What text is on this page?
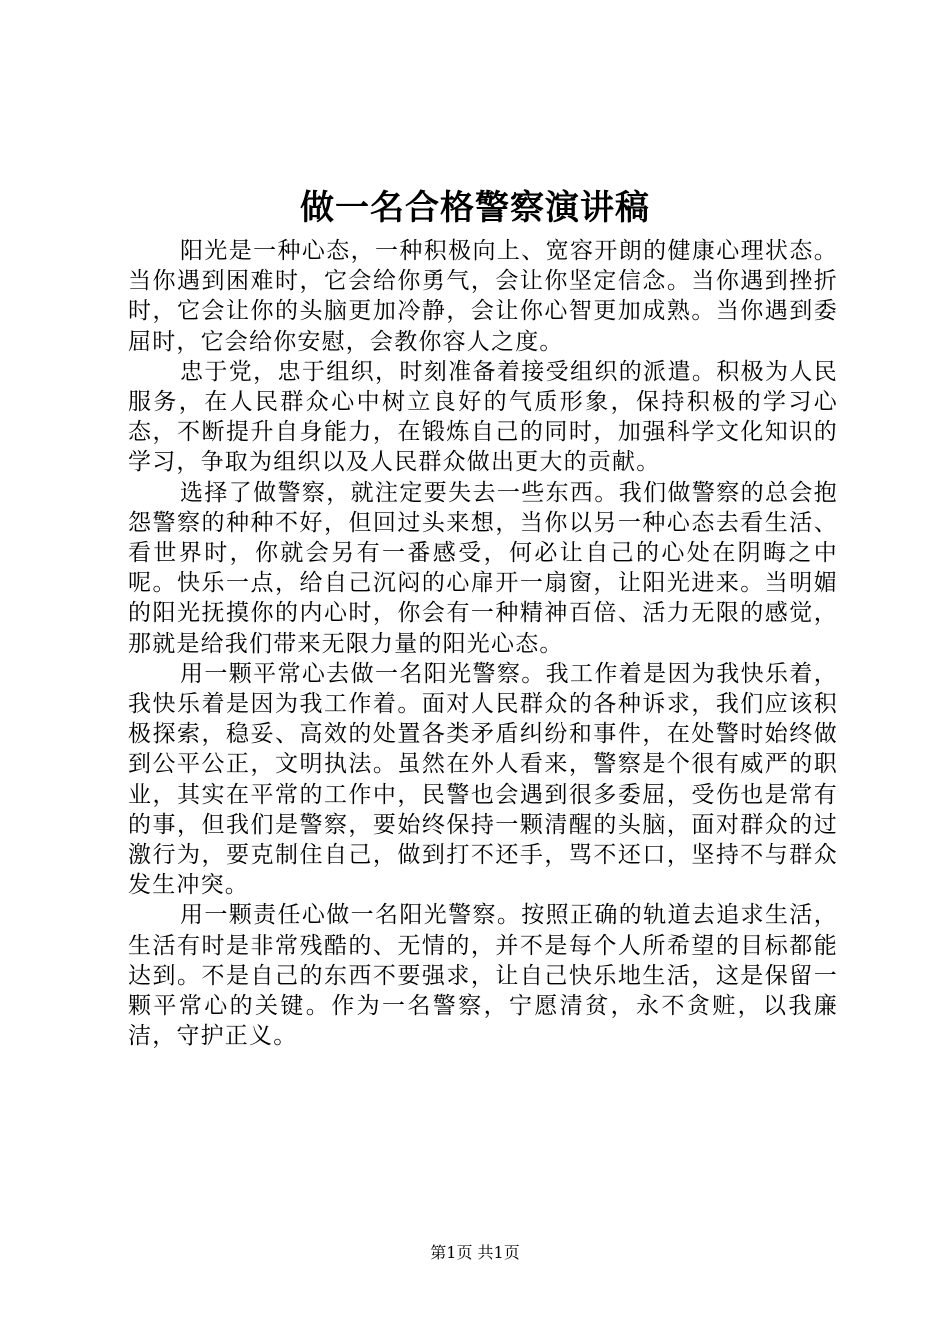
做一名合格警察演讲稿

阳光是一种心态，一种积极向上、宽容开朗的健康心理状态。当你遇到困难时，它会给你勇气，会让你坚定信念。当你遇到挫折时，它会让你的头脑更加冷静，会让你心智更加成熟。当你遇到委屈时，它会给你安慰，会教你容人之度。

忠于党，忠于组织，时刻准备着接受组织的派遣。积极为人民服务，在人民群众心中树立良好的气质形象，保持积极的学习心态，不断提升自身能力，在锻炼自己的同时，加强科学文化知识的学习，争取为组织以及人民群众做出更大的贡献。

选择了做警察，就注定要失去一些东西。我们做警察的总会抱怨警察的种种不好，但回过头来想，当你以另一种心态去看生活、看世界时，你就会另有一番感受，何必让自己的心处在阴晦之中呢。快乐一点，给自己沉闷的心扉开一扇窗，让阳光进来。当明媚的阳光抚摸你的内心时，你会有一种精神百倍、活力无限的感觉，那就是给我们带来无限力量的阳光心态。

用一颗平常心去做一名阳光警察。我工作着是因为我快乐着，我快乐着是因为我工作着。面对人民群众的各种诉求，我们应该积极探索，稳妥、高效的处置各类矛盾纠纷和事件，在处警时始终做到公平公正，文明执法。虽然在外人看来，警察是个很有威严的职业，其实在平常的工作中，民警也会遇到很多委屈，受伤也是常有的事，但我们是警察，要始终保持一颗清醒的头脑，面对群众的过激行为，要克制住自己，做到打不还手，骂不还口，坚持不与群众发生冲突。

用一颗责任心做一名阳光警察。按照正确的轨道去追求生活，生活有时是非常残酷的、无情的，并不是每个人所希望的目标都能达到。不是自己的东西不要强求，让自己快乐地生活，这是保留一颗平常心的关键。作为一名警察，宁愿清贫，永不贪赃，以我廉洁，守护正义。

第1页 共1页
